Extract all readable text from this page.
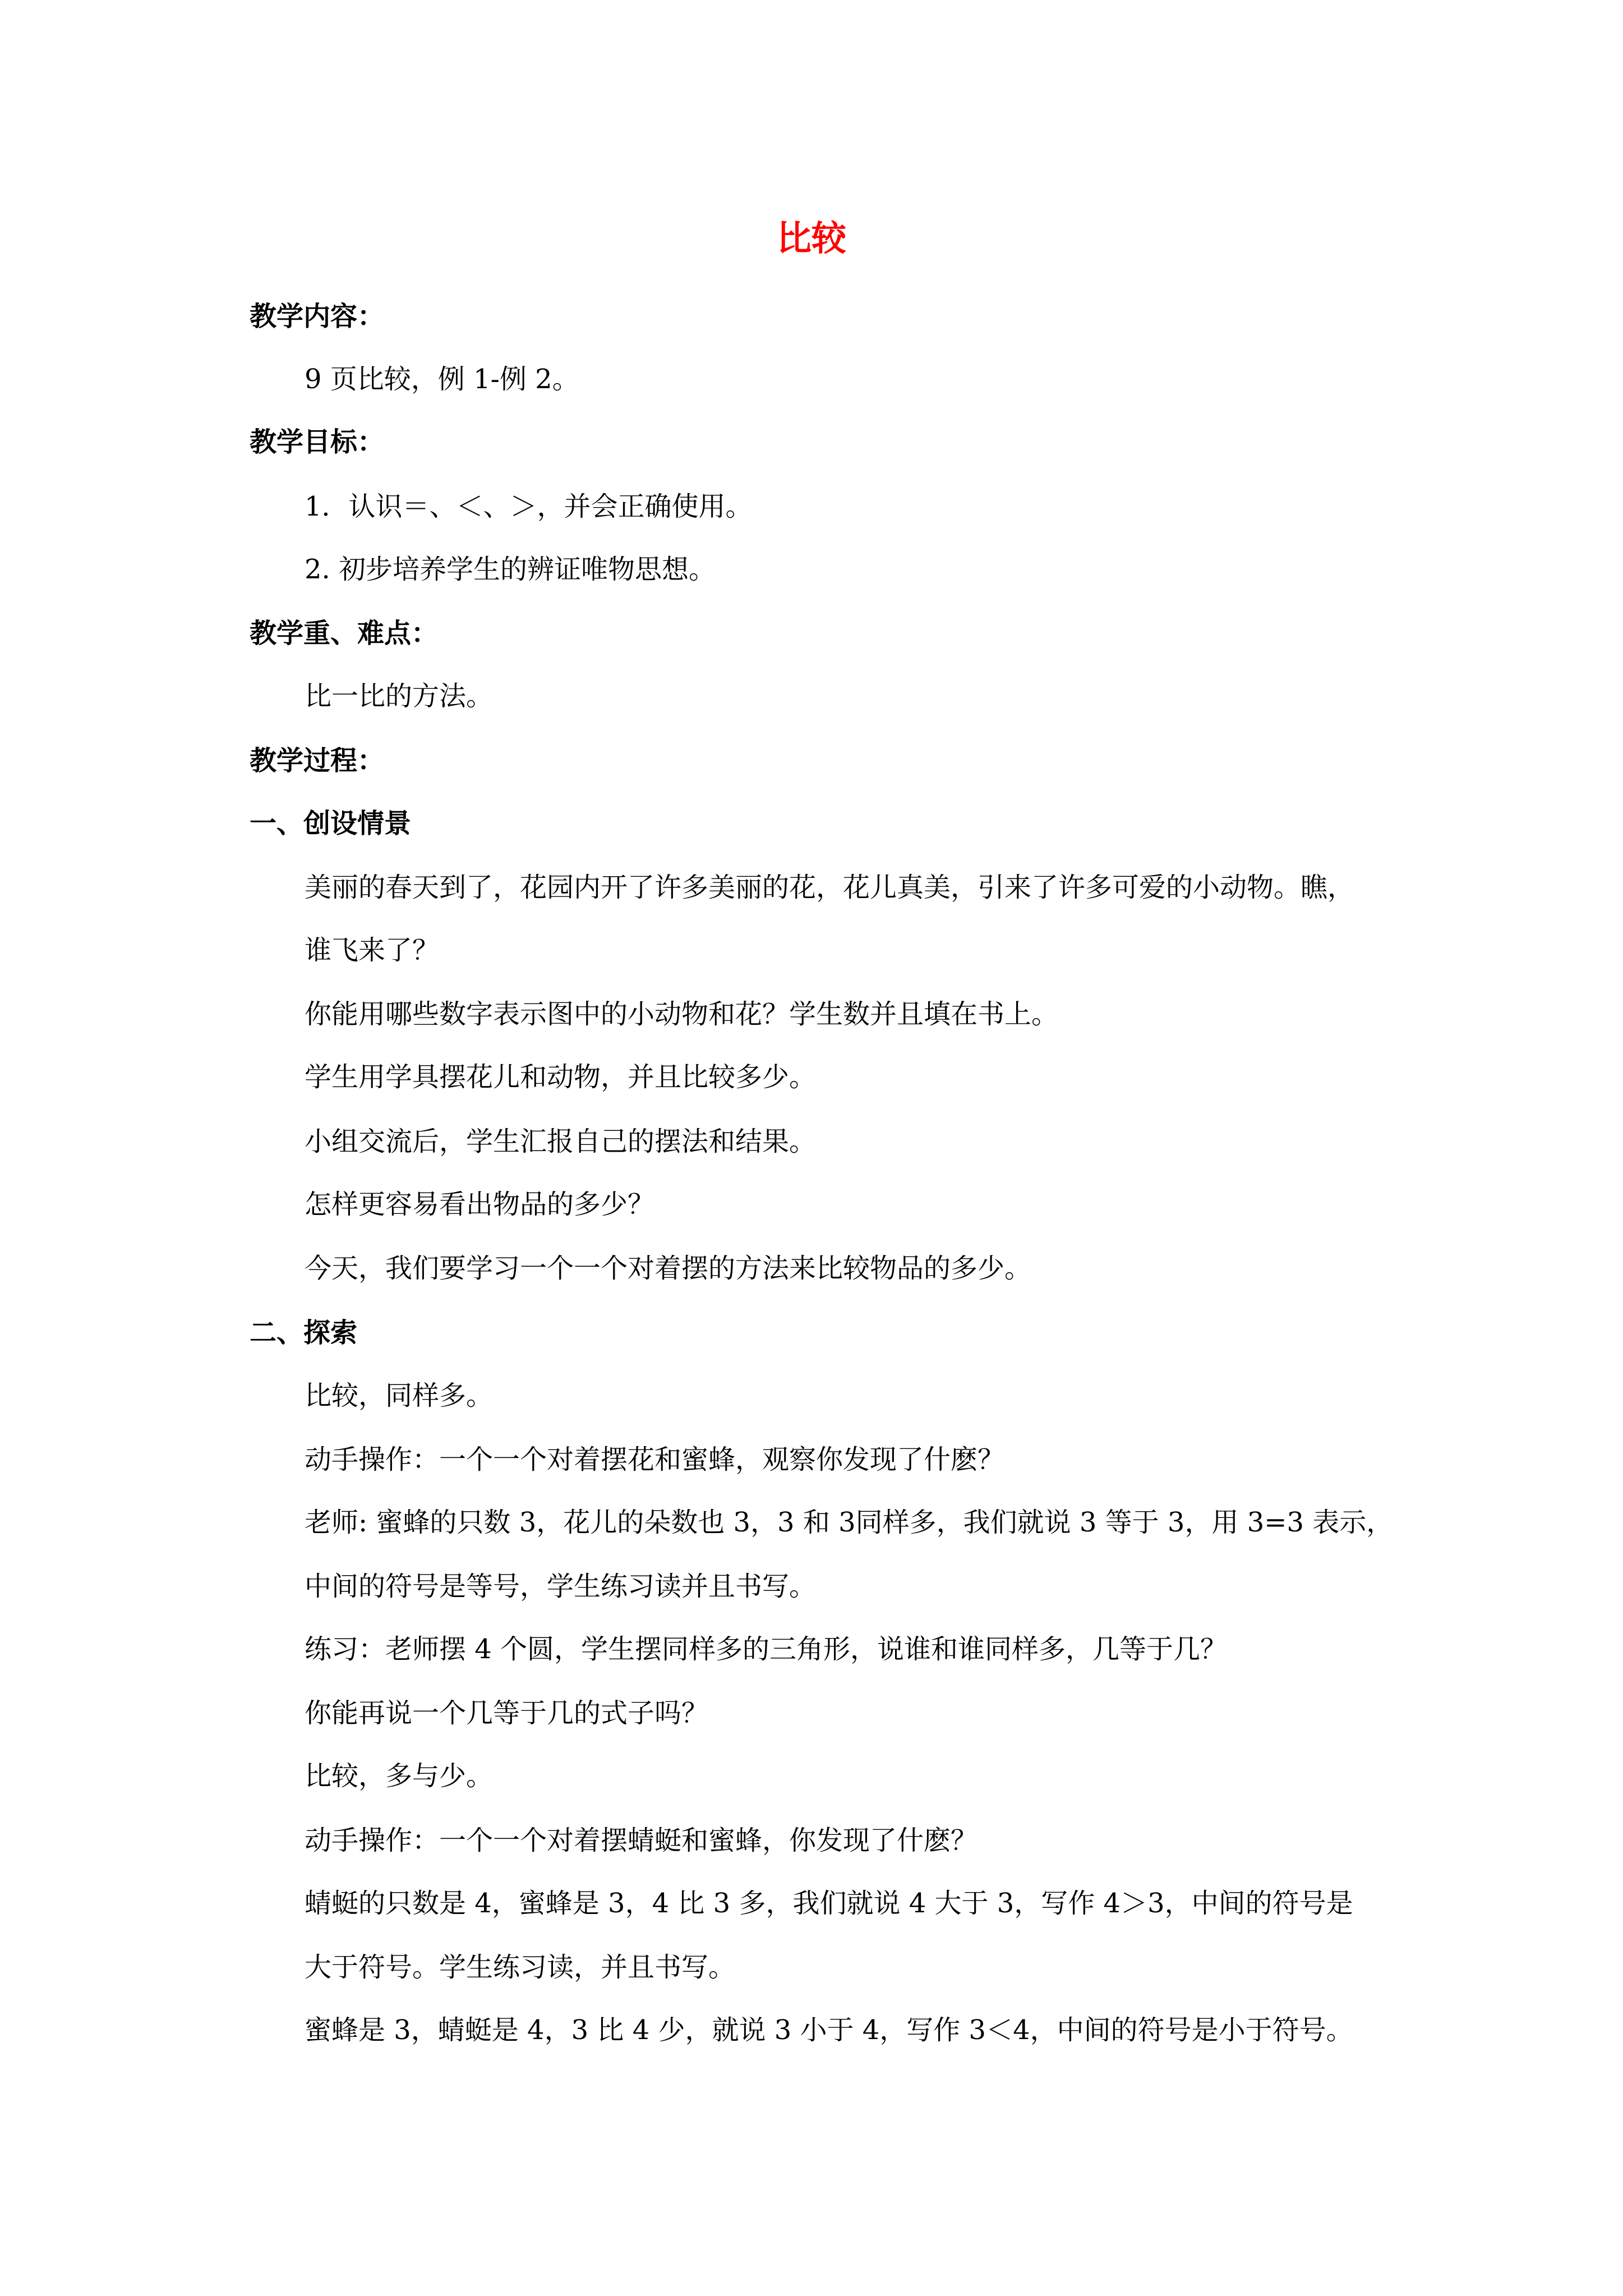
比较
教学内容：
9 页比较，例 1-例 2。
教学目标：
1．认识＝、＜、＞，并会正确使用。
2. 初步培养学生的辨证唯物思想。
教学重、难点：
比一比的方法。
教学过程：
一、创设情景
美丽的春天到了，花园内开了许多美丽的花，花儿真美，引来了许多可爱的小动物。瞧，
谁飞来了？
你能用哪些数字表示图中的小动物和花？学生数并且填在书上。
学生用学具摆花儿和动物，并且比较多少。
小组交流后，学生汇报自己的摆法和结果。
怎样更容易看出物品的多少？
今天，我们要学习一个一个对着摆的方法来比较物品的多少。
二、探索
比较，同样多。
动手操作：一个一个对着摆花和蜜蜂，观察你发现了什麽？
老师: 蜜蜂的只数 3，花儿的朵数也 3，3 和 3同样多，我们就说 3 等于 3，用 3=3 表示，
中间的符号是等号，学生练习读并且书写。
练习：老师摆 4 个圆，学生摆同样多的三角形，说谁和谁同样多，几等于几？
你能再说一个几等于几的式子吗？
比较，多与少。
动手操作：一个一个对着摆蜻蜓和蜜蜂，你发现了什麽？
蜻蜓的只数是 4，蜜蜂是 3，4 比 3 多，我们就说 4 大于 3，写作 4＞3，中间的符号是
大于符号。学生练习读，并且书写。
蜜蜂是 3，蜻蜓是 4，3 比 4 少，就说 3 小于 4，写作 3＜4，中间的符号是小于符号。
